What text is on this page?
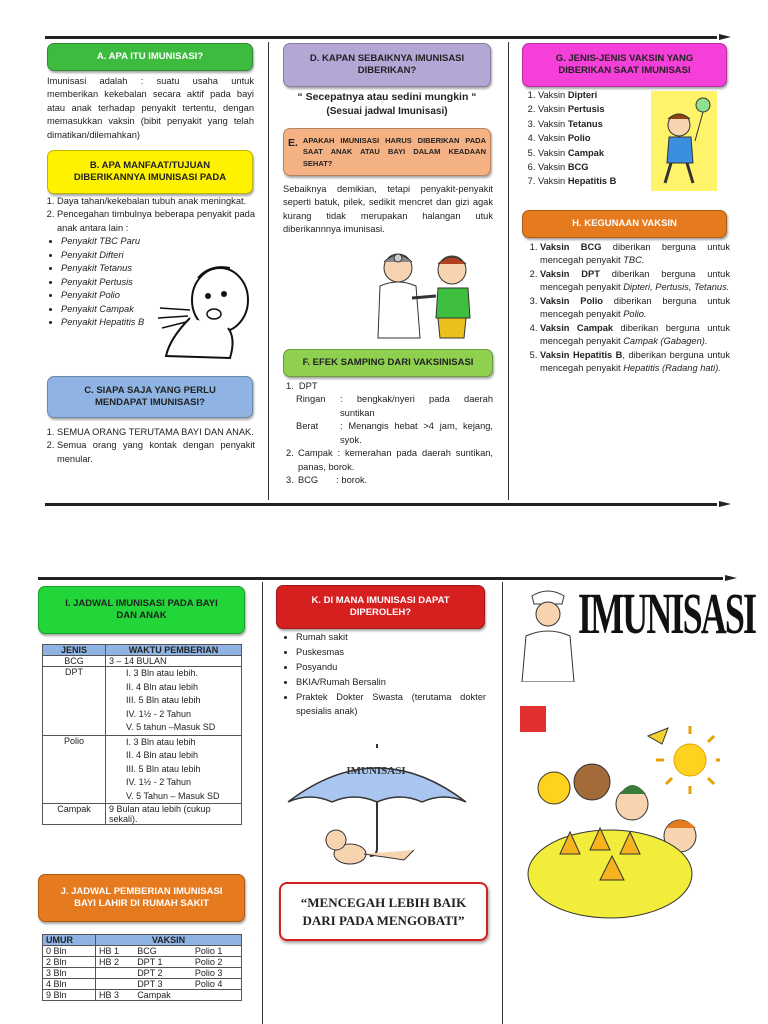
A. APA ITU IMUNISASI?
Imunisasi adalah : suatu usaha untuk memberikan kekebalan secara aktif pada bayi atau anak terhadap penyakit tertentu, dengan memasukkan vaksin (bibit penyakit yang telah dimatikan/dilemahkan)
B. APA MANFAAT/TUJUAN
DIBERIKANNYA IMUNISASI PADA
1. Daya tahan/kekebalan tubuh anak meningkat.
2. Pencegahan timbulnya beberapa penyakit pada anak antara lain :
• Penyakit TBC Paru
• Penyakit Difteri
• Penyakit Tetanus
• Penyakit Pertusis
• Penyakit Polio
• Penyakit Campak
• Penyakit Hepatitis B
C. SIAPA SAJA YANG PERLU
MENDAPAT IMUNISASI?
1. SEMUA ORANG TERUTAMA BAYI DAN ANAK.
2. Semua orang yang kontak dengan penyakit menular.
D. KAPAN SEBAIKNYA IMUNISASI
DIBERIKAN?
“ Secepatnya atau sedini mungkin “
(Sesuai jadwal Imunisasi)
E. APAKAH IMUNISASI HARUS DIBERIKAN PADA SAAT ANAK ATAU BAYI DALAM KEADAAN SEHAT?
Sebaiknya demikian, tetapi penyakit-penyakit seperti batuk, pilek, sedikit mencret dan gizi agak kurang tidak merupakan halangan utuk diberikannnya imunisasi.
F. EFEK SAMPING DARI VAKSINISASI
1.  DPT
Ringan	: bengkak/nyeri pada daerah suntikan
Berat	: Menangis hebat >4 jam, kejang, syok.
2. Campak : kemerahan pada daerah suntikan, panas, borok.
3. BCG       : borok.
G. JENIS-JENIS VAKSIN YANG
DIBERIKAN SAAT IMUNISASI
1. Vaksin Dipteri
2. Vaksin Pertusis
3. Vaksin Tetanus
4. Vaksin Polio
5. Vaksin Campak
6. Vaksin BCG
7. Vaksin Hepatitis B
H. KEGUNAAN VAKSIN
1. Vaksin BCG diberikan berguna untuk mencegah penyakit TBC.
2. Vaksin DPT diberikan berguna untuk mencegah penyakit Dipteri, Pertusis, Tetanus.
3. Vaksin Polio diberikan berguna untuk mencegah penyakit Polio.
4. Vaksin Campak diberikan berguna untuk mencegah penyakit Campak (Gabagen).
5. Vaksin Hepatitis B, diberikan berguna untuk mencegah penyakit Hepatitis (Radang hati).
I. JADWAL IMUNISASI PADA BAYI
DAN ANAK
JENIS	WAKTU PEMBERIAN
BCG	3 – 14 BULAN
DPT	I. 3 Bln atau lebih.
II. 4 Bln atau lebih
III. 5 Bln atau lebih
IV. 1½ - 2 Tahun
V. 5 tahun –Masuk SD

Polio	I. 3 Bln atau lebih
II. 4 Bln atau lebih
III. 5 Bln atau lebih
IV. 1½ - 2 Tahun
V. 5 Tahun – Masuk SD

Campak	9 Bulan atau lebih (cukup sekali).
J. JADWAL PEMBERIAN IMUNISASI
BAYI LAHIR DI RUMAH SAKIT
UMUR	VAKSIN		
0 Bln	HB 1	BCG	Polio 1
2 Bln	HB 2	DPT 1	Polio 2
3 Bln		DPT 2	Polio 3
4 Bln		DPT 3	Polio 4
9 Bln	HB 3	Campak	
K. DI MANA IMUNISASI DAPAT
DIPEROLEH?
• Rumah sakit
• Puskesmas
• Posyandu
• BKIA/Rumah Bersalin
• Praktek Dokter Swasta (terutama dokter spesialis anak)
IMUNISASI
“MENCEGAH LEBIH BAIK
DARI PADA MENGOBATI”
IMUNISASI
